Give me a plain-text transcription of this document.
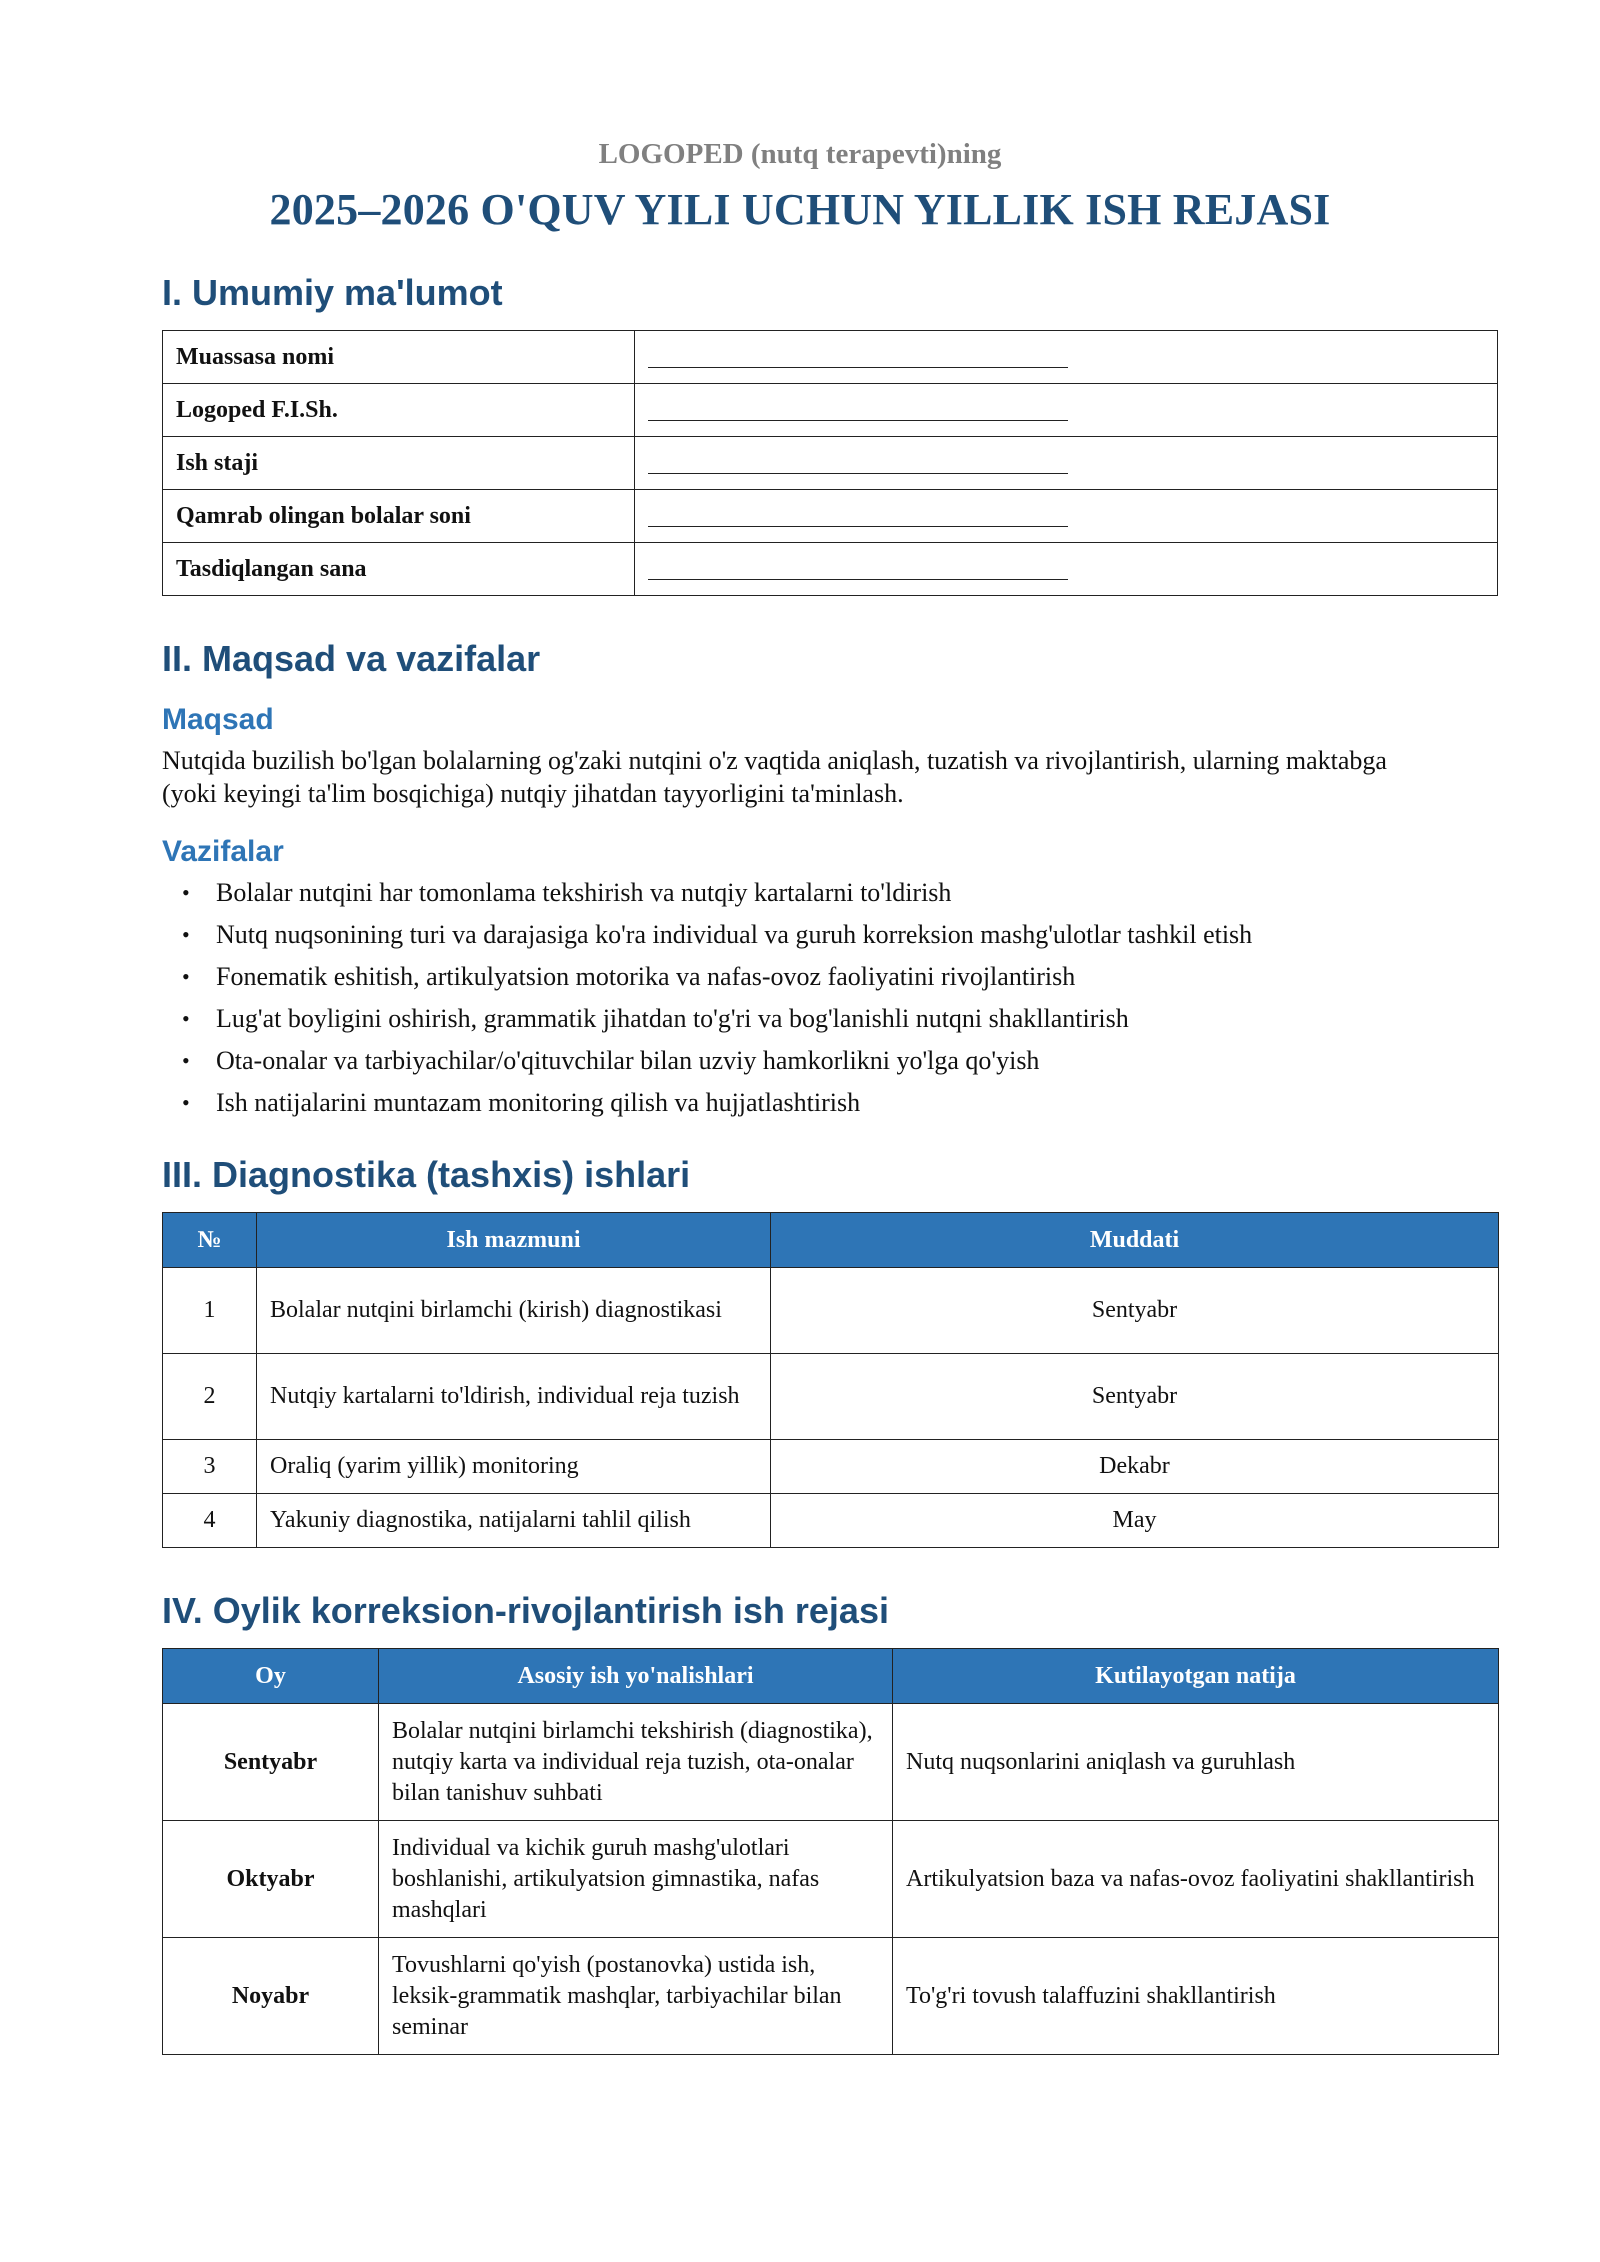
LOGOPED (nutq terapevti)ning
2025–2026 O'QUV YILI UCHUN YILLIK ISH REJASI
I. Umumiy ma'lumot
Muassasa nomi	
Logoped F.I.Sh.	
Ish staji	
Qamrab olingan bolalar soni	
Tasdiqlangan sana	
II. Maqsad va vazifalar
Maqsad

Nutqida buzilish bo'lgan bolalarning og'zaki nutqini o'z vaqtida aniqlash, tuzatish va rivojlantirish, ularning maktabga (yoki keyingi ta'lim bosqichiga) nutqiy jihatdan tayyorligini ta'minlash.

Vazifalar
• Bolalar nutqini har tomonlama tekshirish va nutqiy kartalarni to'ldirish
• Nutq nuqsonining turi va darajasiga ko'ra individual va guruh korreksion mashg'ulotlar tashkil etish
• Fonematik eshitish, artikulyatsion motorika va nafas-ovoz faoliyatini rivojlantirish
• Lug'at boyligini oshirish, grammatik jihatdan to'g'ri va bog'lanishli nutqni shakllantirish
• Ota-onalar va tarbiyachilar/o'qituvchilar bilan uzviy hamkorlikni yo'lga qo'yish
• Ish natijalarini muntazam monitoring qilish va hujjatlashtirish
III. Diagnostika (tashxis) ishlari
№	Ish mazmuni	Muddati
1	Bolalar nutqini birlamchi (kirish) diagnostikasi	Sentyabr
2	Nutqiy kartalarni to'ldirish, individual reja tuzish	Sentyabr
3	Oraliq (yarim yillik) monitoring	Dekabr
4	Yakuniy diagnostika, natijalarni tahlil qilish	May
IV. Oylik korreksion-rivojlantirish ish rejasi
Oy	Asosiy ish yo'nalishlari	Kutilayotgan natija
Sentyabr	Bolalar nutqini birlamchi tekshirish (diagnostika), nutqiy karta va individual reja tuzish, ota-onalar bilan tanishuv suhbati	Nutq nuqsonlarini aniqlash va guruhlash
Oktyabr	Individual va kichik guruh mashg'ulotlari boshlanishi, artikulyatsion gimnastika, nafas mashqlari	Artikulyatsion baza va nafas-ovoz faoliyatini shakllantirish
Noyabr	Tovushlarni qo'yish (postanovka) ustida ish, leksik-grammatik mashqlar, tarbiyachilar bilan seminar	To'g'ri tovush talaffuzini shakllantirish
